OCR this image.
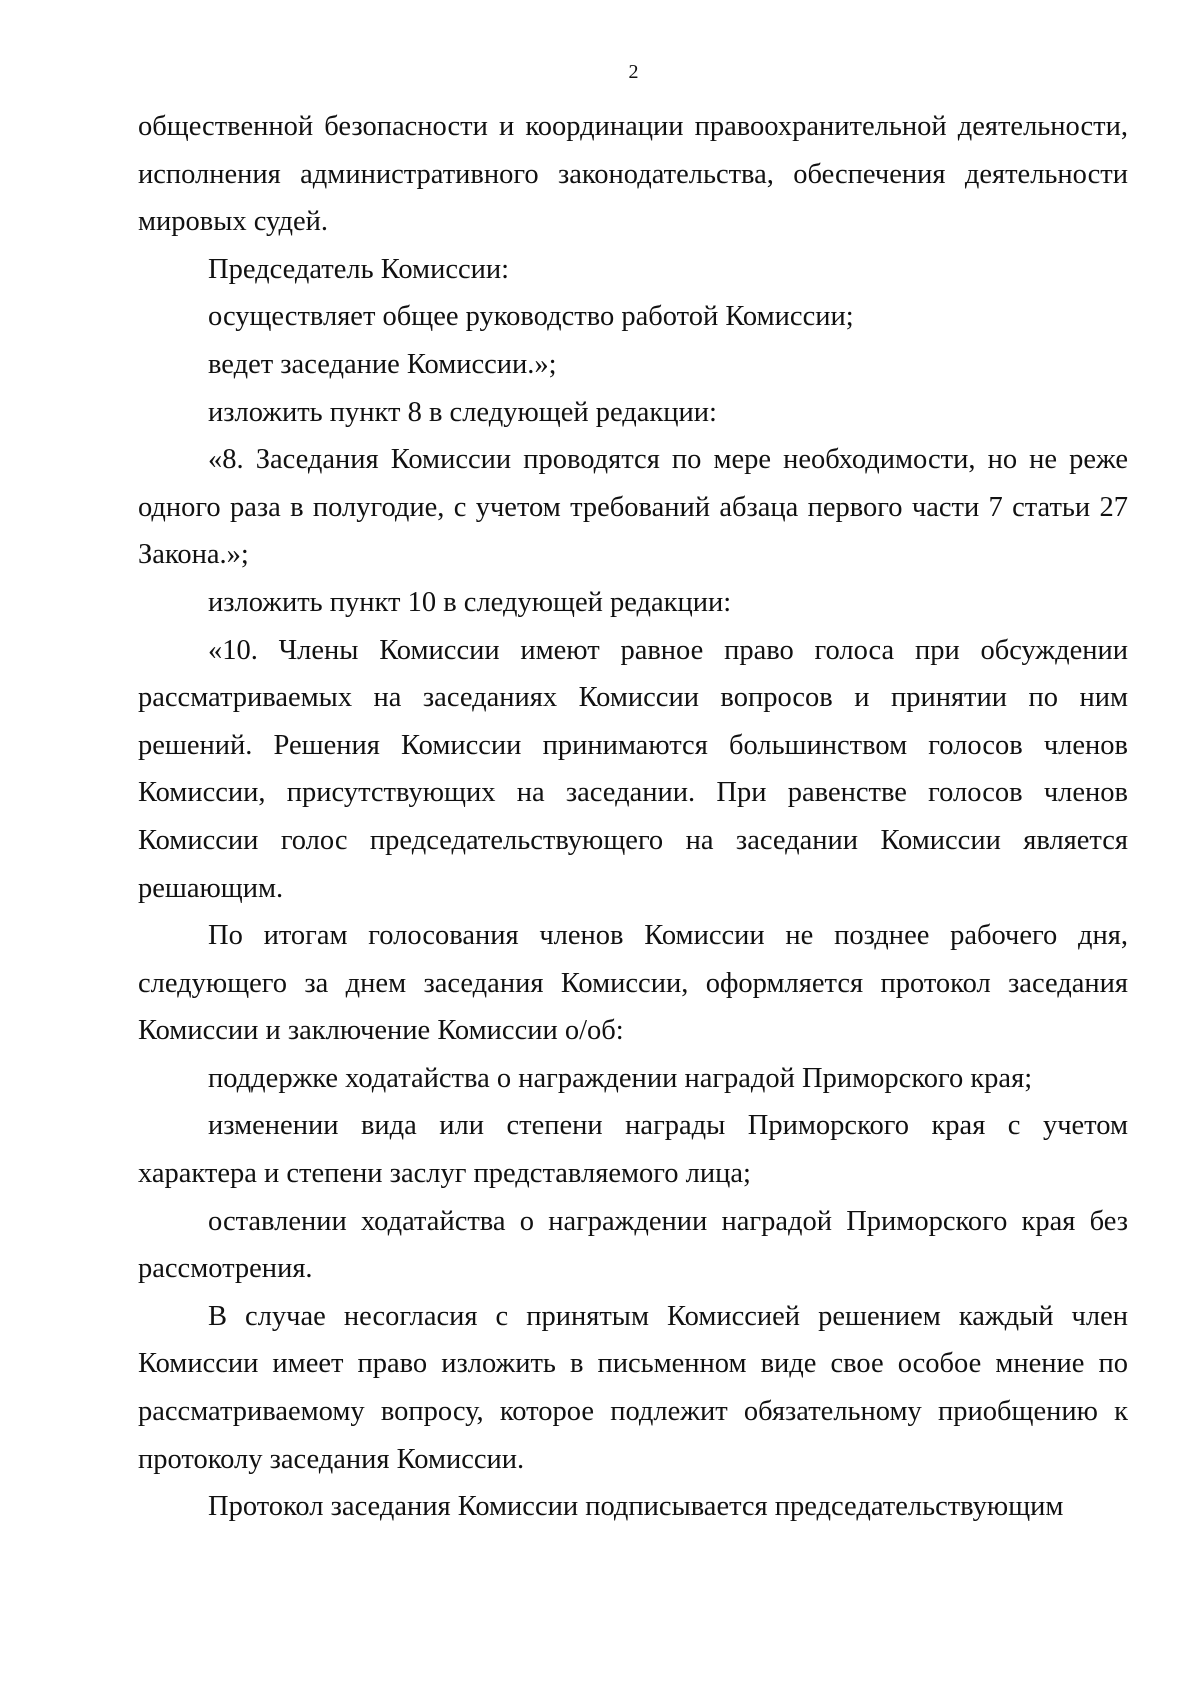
2

общественной безопасности и координации правоохранительной деятельности, исполнения административного законодательства, обеспечения деятельности мировых судей.

Председатель Комиссии:

осуществляет общее руководство работой Комиссии;

ведет заседание Комиссии.»;

изложить пункт 8 в следующей редакции:

«8. Заседания Комиссии проводятся по мере необходимости, но не реже одного раза в полугодие, с учетом требований абзаца первого части 7 статьи 27 Закона.»;

изложить пункт 10 в следующей редакции:

«10. Члены Комиссии имеют равное право голоса при обсуждении рассматриваемых на заседаниях Комиссии вопросов и принятии по ним решений. Решения Комиссии принимаются большинством голосов членов Комиссии, присутствующих на заседании. При равенстве голосов членов Комиссии голос председательствующего на заседании Комиссии является решающим.

По итогам голосования членов Комиссии не позднее рабочего дня, следующего за днем заседания Комиссии, оформляется протокол заседания Комиссии и заключение Комиссии о/об:

поддержке ходатайства о награждении наградой Приморского края;

изменении вида или степени награды Приморского края с учетом характера и степени заслуг представляемого лица;

оставлении ходатайства о награждении наградой Приморского края без рассмотрения.

В случае несогласия с принятым Комиссией решением каждый член Комиссии имеет право изложить в письменном виде свое особое мнение по рассматриваемому вопросу, которое подлежит обязательному приобщению к протоколу заседания Комиссии.

Протокол заседания Комиссии подписывается председательствующим
